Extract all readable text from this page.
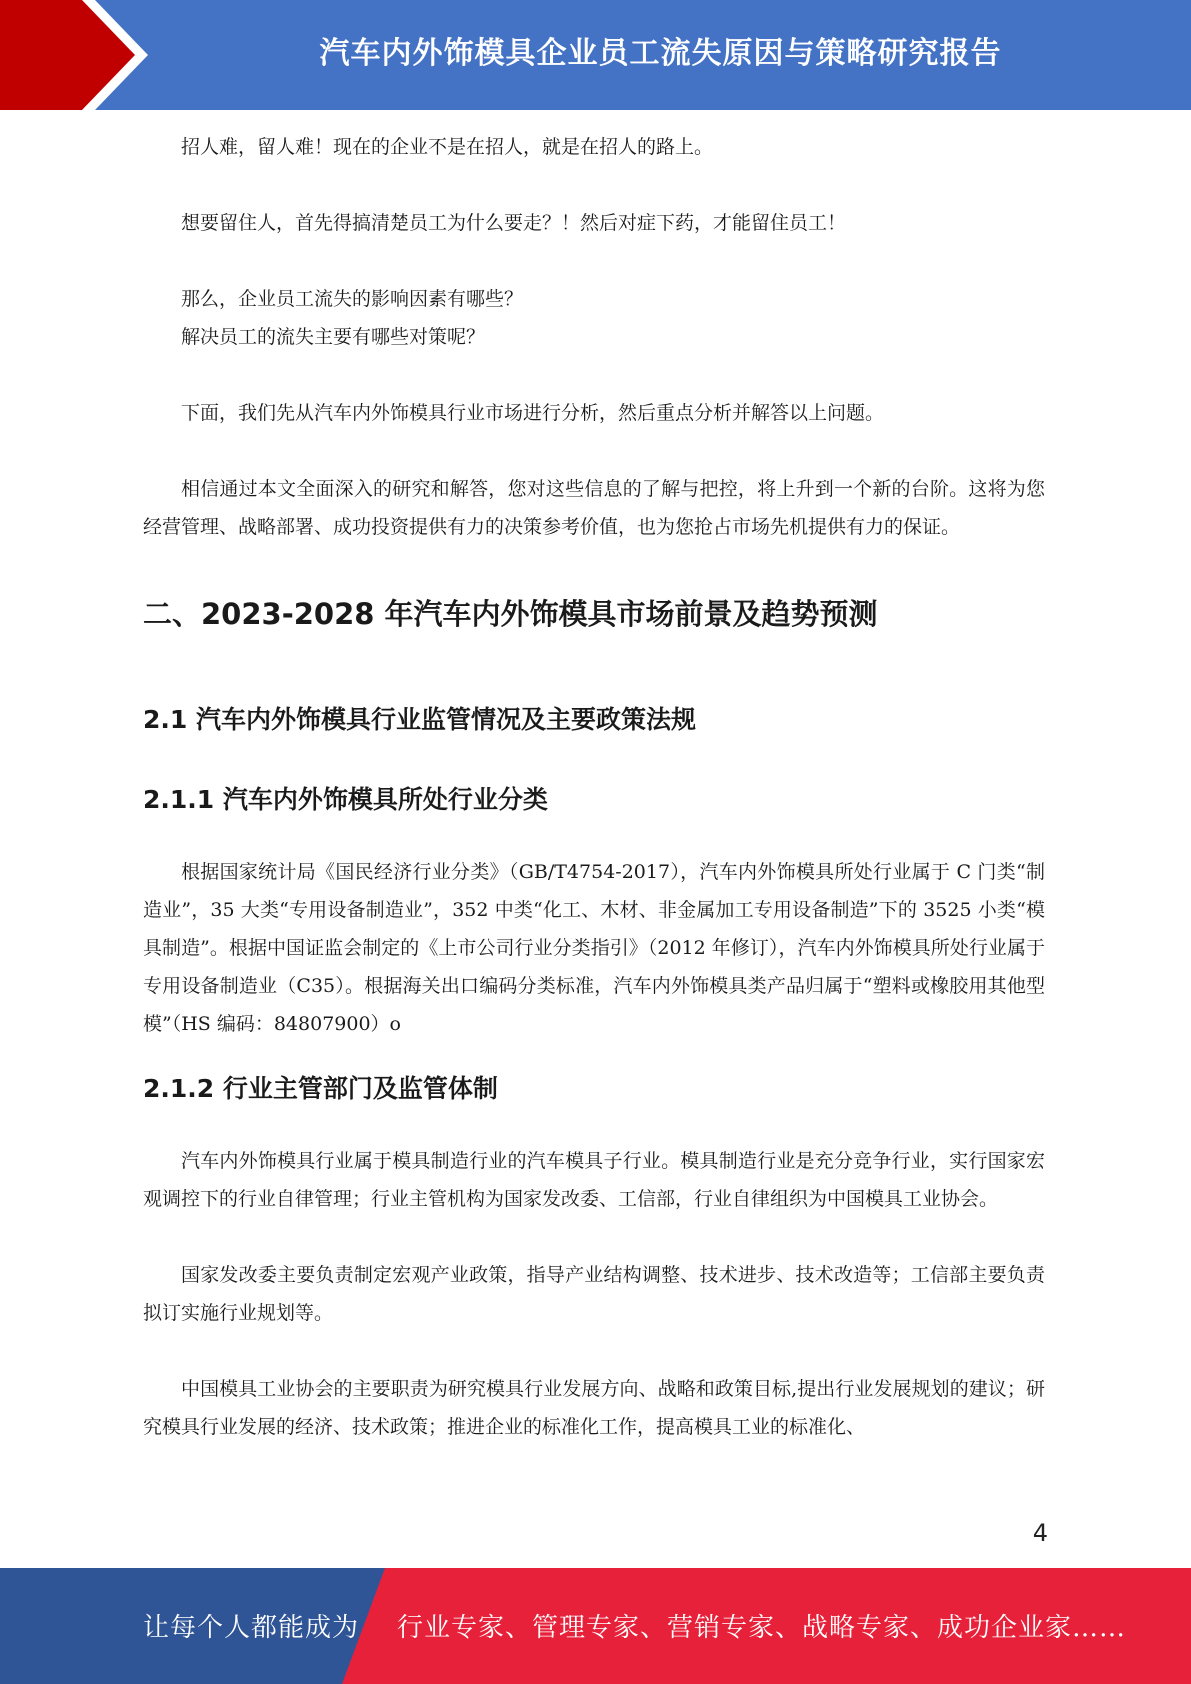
汽车内外饰模具企业员工流失原因与策略研究报告

招人难，留人难！现在的企业不是在招人，就是在招人的路上。

想要留住人，首先得搞清楚员工为什么要走？！然后对症下药，才能留住员工！

那么，企业员工流失的影响因素有哪些？

解决员工的流失主要有哪些对策呢？

下面，我们先从汽车内外饰模具行业市场进行分析，然后重点分析并解答以上问题。

相信通过本文全面深入的研究和解答，您对这些信息的了解与把控，将上升到一个新的台阶。这将为您经营管理、战略部署、成功投资提供有力的决策参考价值，也为您抢占市场先机提供有力的保证。

二、2023-2028 年汽车内外饰模具市场前景及趋势预测
2.1 汽车内外饰模具行业监管情况及主要政策法规
2.1.1 汽车内外饰模具所处行业分类

根据国家统计局《国民经济行业分类》（GB/T4754-2017），汽车内外饰模具所处行业属于 C 门类“制造业”，35 大类“专用设备制造业”，352 中类“化工、木材、非金属加工专用设备制造”下的 3525 小类“模具制造”。根据中国证监会制定的《上市公司行业分类指引》（2012 年修订），汽车内外饰模具所处行业属于专用设备制造业（C35）。根据海关出口编码分类标准，汽车内外饰模具类产品归属于“塑料或橡胶用其他型模”（HS 编码：84807900）o

2.1.2 行业主管部门及监管体制

汽车内外饰模具行业属于模具制造行业的汽车模具子行业。模具制造行业是充分竞争行业，实行国家宏观调控下的行业自律管理；行业主管机构为国家发改委、工信部，行业自律组织为中国模具工业协会。

国家发改委主要负责制定宏观产业政策，指导产业结构调整、技术进步、技术改造等；工信部主要负责拟订实施行业规划等。

中国模具工业协会的主要职责为研究模具行业发展方向、战略和政策目标,提出行业发展规划的建议；研究模具行业发展的经济、技术政策；推进企业的标准化工作，提高模具工业的标准化、

4
让每个人都能成为 行业专家、管理专家、营销专家、战略专家、成功企业家……
